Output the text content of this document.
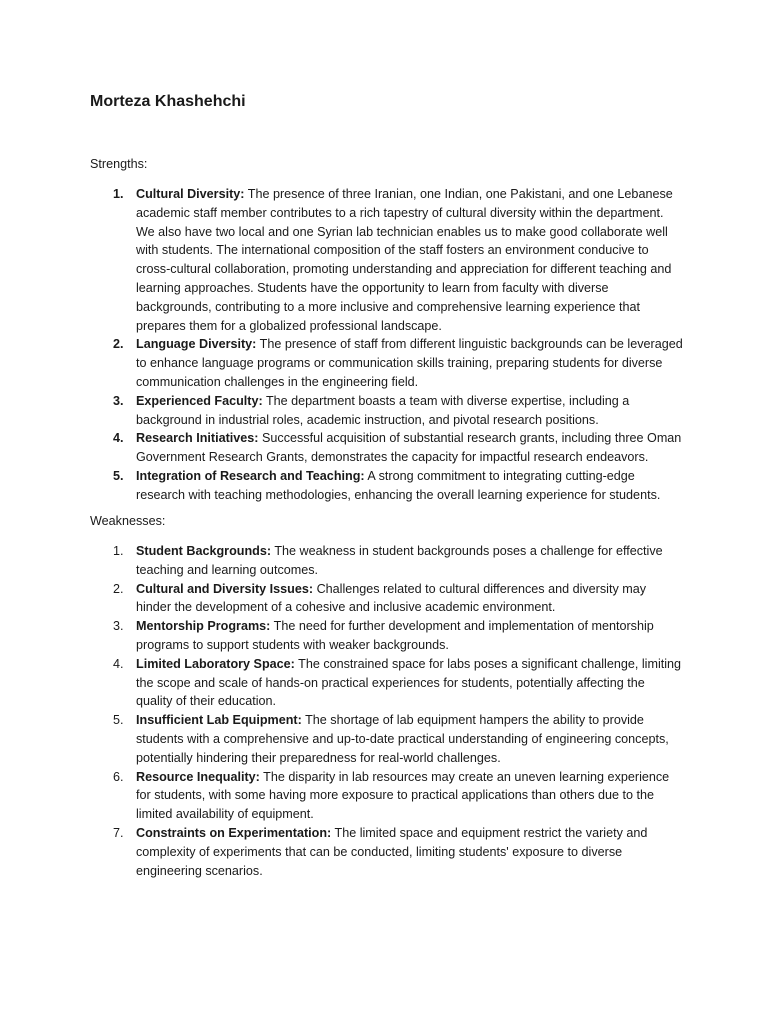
Morteza Khashehchi

Strengths:

1. Cultural Diversity: The presence of three Iranian, one Indian, one Pakistani, and one Lebanese academic staff member contributes to a rich tapestry of cultural diversity within the department. We also have two local and one Syrian lab technician enables us to make good collaborate well with students. The international composition of the staff fosters an environment conducive to cross-cultural collaboration, promoting understanding and appreciation for different teaching and learning approaches. Students have the opportunity to learn from faculty with diverse backgrounds, contributing to a more inclusive and comprehensive learning experience that prepares them for a globalized professional landscape.
2. Language Diversity: The presence of staff from different linguistic backgrounds can be leveraged to enhance language programs or communication skills training, preparing students for diverse communication challenges in the engineering field.
3. Experienced Faculty: The department boasts a team with diverse expertise, including a background in industrial roles, academic instruction, and pivotal research positions.
4. Research Initiatives: Successful acquisition of substantial research grants, including three Oman Government Research Grants, demonstrates the capacity for impactful research endeavors.
5. Integration of Research and Teaching: A strong commitment to integrating cutting-edge research with teaching methodologies, enhancing the overall learning experience for students.

Weaknesses:

1. Student Backgrounds: The weakness in student backgrounds poses a challenge for effective teaching and learning outcomes.
2. Cultural and Diversity Issues: Challenges related to cultural differences and diversity may hinder the development of a cohesive and inclusive academic environment.
3. Mentorship Programs: The need for further development and implementation of mentorship programs to support students with weaker backgrounds.
4. Limited Laboratory Space: The constrained space for labs poses a significant challenge, limiting the scope and scale of hands-on practical experiences for students, potentially affecting the quality of their education.
5. Insufficient Lab Equipment: The shortage of lab equipment hampers the ability to provide students with a comprehensive and up-to-date practical understanding of engineering concepts, potentially hindering their preparedness for real-world challenges.
6. Resource Inequality: The disparity in lab resources may create an uneven learning experience for students, with some having more exposure to practical applications than others due to the limited availability of equipment.
7. Constraints on Experimentation: The limited space and equipment restrict the variety and complexity of experiments that can be conducted, limiting students' exposure to diverse engineering scenarios.
